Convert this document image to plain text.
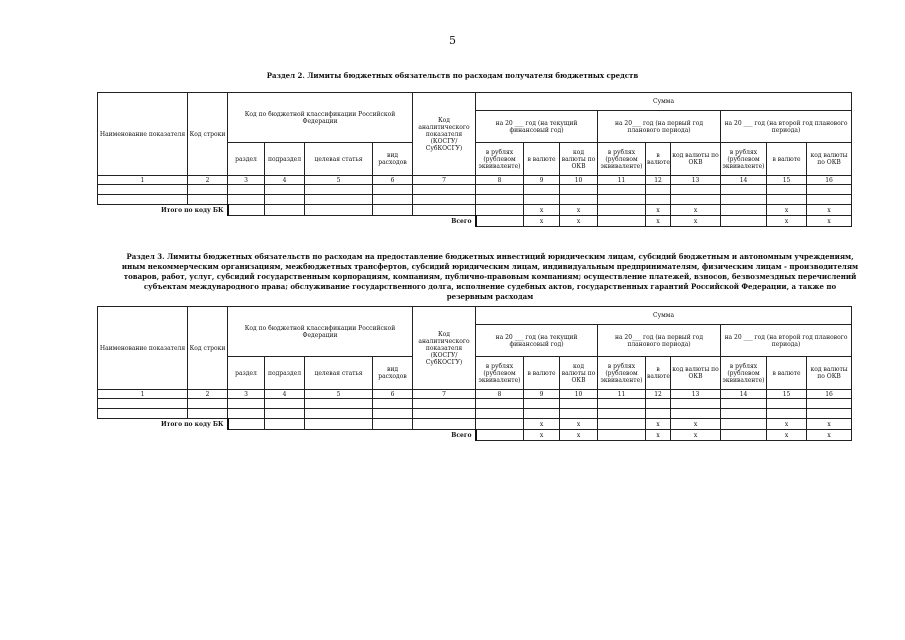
5
Раздел 2. Лимиты бюджетных обязательств по расходам получателя бюджетных средств
Наименование показателя	Код строки	Код по бюджетной классификации Российской Федерации				Код аналитического показателя (КОСГУ/ СубКОСГУ)	Сумма								
							на 20 ___ год (на текущий финансовый год)			на 20___ год (на первый год планового периода)			на 20 ___ год (на второй год планового периода)		
		раздел	подраздел	целевая статья	вид расходов		в рублях (рублевом эквиваленте)	в валюте	код валюты по ОКВ	в рублях (рублевом эквиваленте)	в валюте	код валюты по ОКВ	в рублях (рублевом эквиваленте)	в валюте	код валюты по ОКВ
1	2	3	4	5	6	7	8	9	10	11	12	13	14	15	16

Итого по коду БК								x	x		x	x		x	x
Всего								x	x		x	x		x	x
Раздел 3. Лимиты бюджетных обязательств по расходам на предоставление бюджетных инвестиций юридическим лицам, субсидий бюджетным и автономным учреждениям, иным некоммерческим организациям, межбюджетных трансфертов, субсидий юридическим лицам, индивидуальным предпринимателям, физическим лицам - производителям товаров, работ, услуг, субсидий государственным корпорациям, компаниям, публично-правовым компаниям; осуществление платежей, взносов, безвозмездных перечислений субъектам международного права; обслуживание государственного долга, исполнение судебных актов, государственных гарантий Российской Федерации, а также по резервным расходам
Наименование показателя	Код строки	Код по бюджетной классификации Российской Федерации				Код аналитического показателя (КОСГУ/ СубКОСГУ)	Сумма								
							на 20 ___ год (на текущий финансовый год)			на 20___ год (на первый год планового периода)			на 20 ___ год (на второй год планового периода)		
		раздел	подраздел	целевая статья	вид расходов		в рублях (рублевом эквиваленте)	в валюте	код валюты по ОКВ	в рублях (рублевом эквиваленте)	в валюте	код валюты по ОКВ	в рублях (рублевом эквиваленте)	в валюте	код валюты по ОКВ
1	2	3	4	5	6	7	8	9	10	11	12	13	14	15	16

Итого по коду БК								x	x		x	x		x	x
Всего								x	x		x	x		x	x
